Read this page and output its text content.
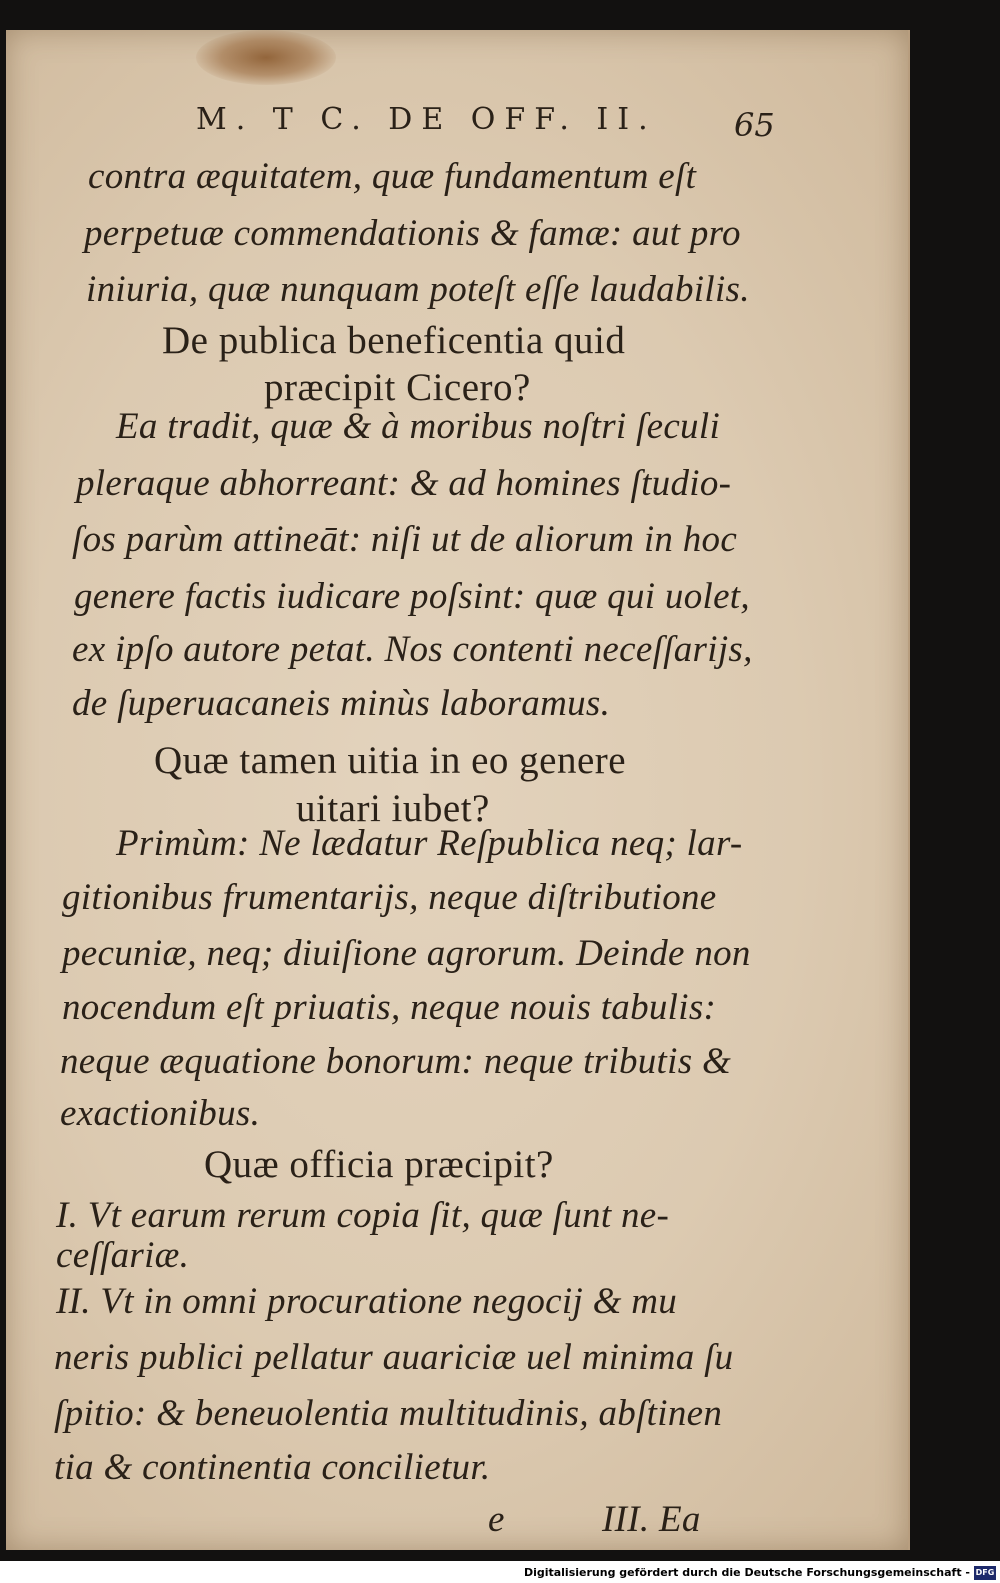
M. T C. DE OFF. II. 65
contra æquitatem, quæ fundamentum eſt
perpetuæ commendationis & famæ: aut pro
iniuria, quæ nunquam poteſt eſſe laudabilis.
De publica beneficentia quid
præcipit Cicero?
Ea tradit, quæ & à moribus noſtri ſeculi
pleraque abhorreant: & ad homines ſtudio-
ſos parùm attineāt: niſi ut de aliorum in hoc
genere factis iudicare poſsint: quæ qui uolet,
ex ipſo autore petat. Nos contenti neceſſarijs,
de ſuperuacaneis minùs laboramus.
Quæ tamen uitia in eo genere
uitari iubet?
Primùm: Ne lædatur Reſpublica neq; lar-
gitionibus frumentarijs, neque diſtributione
pecuniæ, neq; diuiſione agrorum. Deinde non
nocendum eſt priuatis, neque nouis tabulis:
neque æquatione bonorum: neque tributis &
exactionibus.
Quæ officia præcipit?
I. Vt earum rerum copia ſit, quæ ſunt ne-
ceſſariæ.
II. Vt in omni procuratione negocij & mu
neris publici pellatur auariciæ uel minima ſu
ſpitio: & beneuolentia multitudinis, abſtinen
tia & continentia concilietur.
e	III. Ea
Digitalisierung gefördert durch die Deutsche Forschungsgemeinschaft - DFG
